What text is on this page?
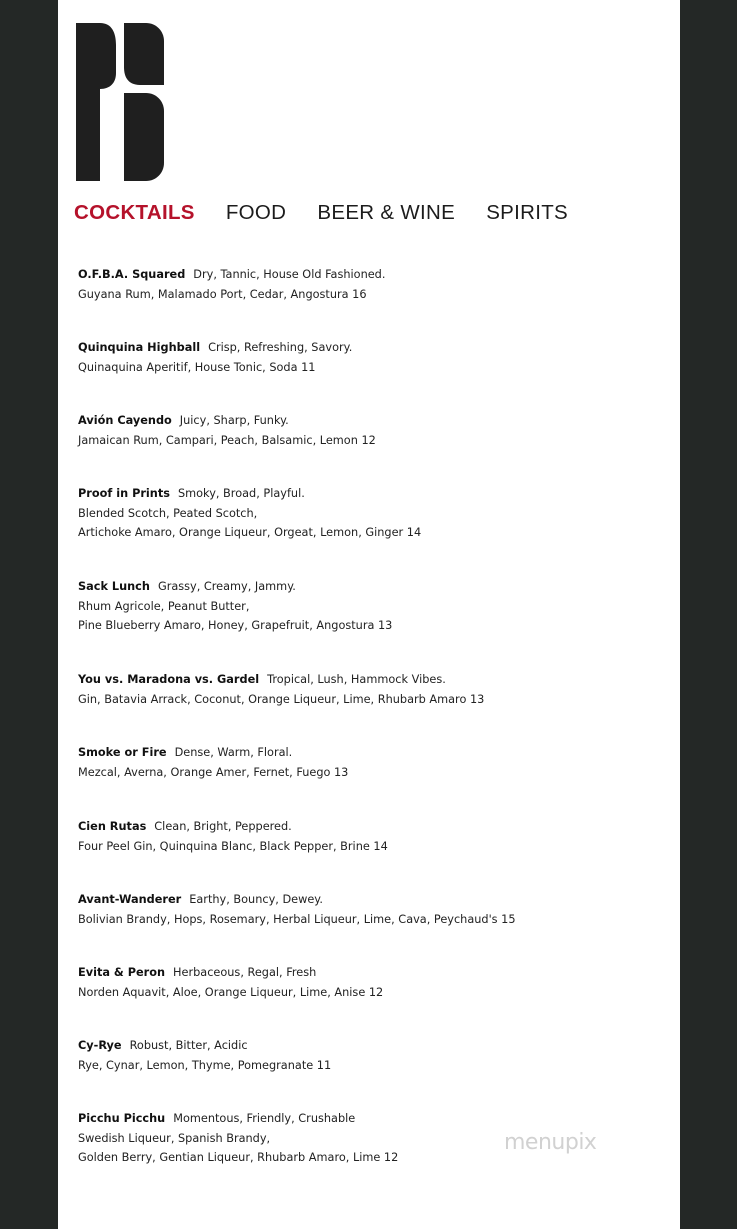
COCKTAILS FOOD BEER & WINE SPIRITS
O.F.B.A. Squared Dry, Tannic, House Old Fashioned.
Guyana Rum, Malamado Port, Cedar, Angostura 16
Quinquina Highball Crisp, Refreshing, Savory.
Quinaquina Aperitif, House Tonic, Soda 11
Avión Cayendo Juicy, Sharp, Funky.
Jamaican Rum, Campari, Peach, Balsamic, Lemon 12
Proof in Prints Smoky, Broad, Playful.
Blended Scotch, Peated Scotch,
Artichoke Amaro, Orange Liqueur, Orgeat, Lemon, Ginger 14
Sack Lunch Grassy, Creamy, Jammy.
Rhum Agricole, Peanut Butter,
Pine Blueberry Amaro, Honey, Grapefruit, Angostura 13
You vs. Maradona vs. Gardel Tropical, Lush, Hammock Vibes.
Gin, Batavia Arrack, Coconut, Orange Liqueur, Lime, Rhubarb Amaro 13
Smoke or Fire Dense, Warm, Floral.
Mezcal, Averna, Orange Amer, Fernet, Fuego 13
Cien Rutas Clean, Bright, Peppered.
Four Peel Gin, Quinquina Blanc, Black Pepper, Brine 14
Avant-Wanderer Earthy, Bouncy, Dewey.
Bolivian Brandy, Hops, Rosemary, Herbal Liqueur, Lime, Cava, Peychaud's 15
Evita & Peron Herbaceous, Regal, Fresh
Norden Aquavit, Aloe, Orange Liqueur, Lime, Anise 12
Cy-Rye Robust, Bitter, Acidic
Rye, Cynar, Lemon, Thyme, Pomegranate 11
Picchu Picchu Momentous, Friendly, Crushable
Swedish Liqueur, Spanish Brandy,
Golden Berry, Gentian Liqueur, Rhubarb Amaro, Lime 12
menupix
